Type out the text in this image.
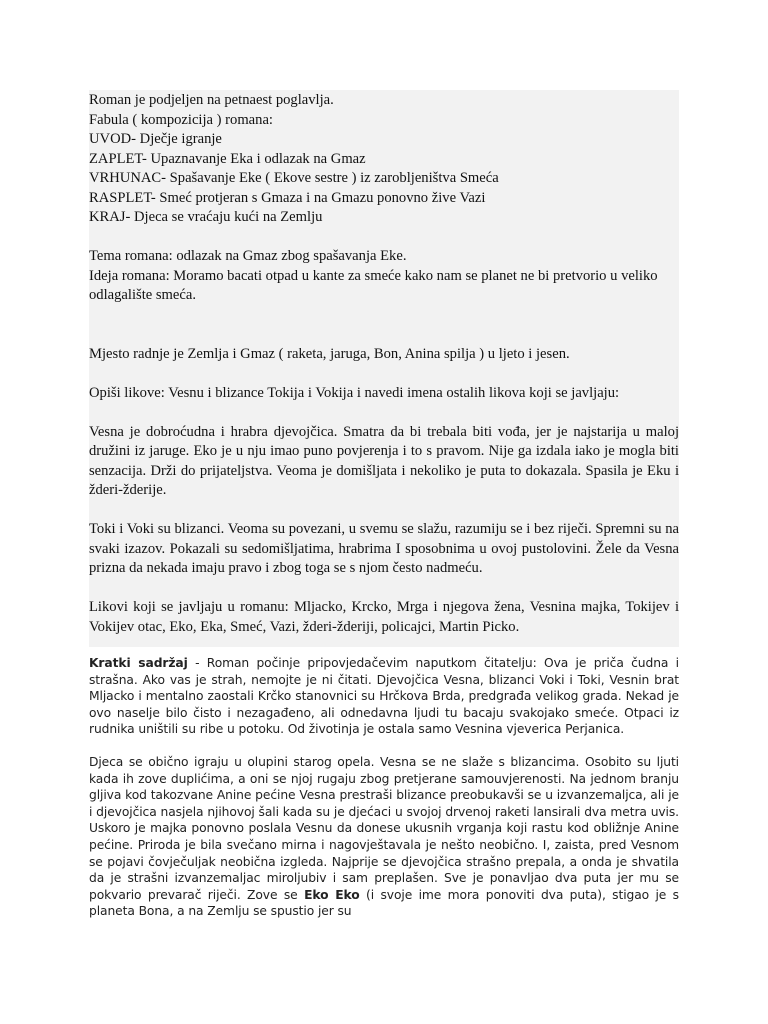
Roman je podjeljen na petnaest poglavlja.

Fabula ( kompozicija ) romana:

UVOD- Dječje igranje

ZAPLET- Upaznavanje Eka i odlazak na Gmaz

VRHUNAC- Spašavanje Eke ( Ekove sestre ) iz zarobljeništva Smeća

RASPLET- Smeć protjeran s Gmaza i na Gmazu ponovno žive Vazi

KRAJ- Djeca se vraćaju kući na Zemlju

Tema romana: odlazak na Gmaz zbog spašavanja Eke.

Ideja romana: Moramo bacati otpad u kante za smeće kako nam se planet ne bi pretvorio u veliko odlagalište smeća.

Mjesto radnje je Zemlja i Gmaz ( raketa, jaruga, Bon, Anina spilja ) u ljeto i jesen.

Opiši likove: Vesnu i blizance Tokija i Vokija i navedi imena ostalih likova koji se javljaju:

Vesna je dobroćudna i hrabra djevojčica. Smatra da bi trebala biti vođa, jer je najstarija u maloj družini iz jaruge. Eko je u nju imao puno povjerenja i to s pravom. Nije ga izdala iako je mogla biti senzacija. Drži do prijateljstva. Veoma je domišljata i nekoliko je puta to dokazala. Spasila je Eku i žderi-žderije.

Toki i Voki su blizanci. Veoma su povezani, u svemu se slažu, razumiju se i bez riječi. Spremni su na svaki izazov. Pokazali su sedomišljatima, hrabrima I sposobnima u ovoj pustolovini. Žele da Vesna prizna da nekada imaju pravo i zbog toga se s njom često nadmeću.

Likovi koji se javljaju u romanu: Mljacko, Krcko, Mrga i njegova žena, Vesnina majka, Tokijev i Vokijev otac, Eko, Eka, Smeć, Vazi, žderi-žderiji, policajci, Martin Picko.

Kratki sadržaj - Roman počinje pripovjedačevim naputkom čitatelju: Ova je priča čudna i strašna. Ako vas je strah, nemojte je ni čitati. Djevojčica Vesna, blizanci Voki i Toki, Vesnin brat Mljacko i mentalno zaostali Krčko stanovnici su Hrčkova Brda, predgrađa velikog grada. Nekad je ovo naselje bilo čisto i nezagađeno, ali odnedavna ljudi tu bacaju svakojako smeće. Otpaci iz rudnika uništili su ribe u potoku. Od životinja je ostala samo Vesnina vjeverica Perjanica.

Djeca se obično igraju u olupini starog opela. Vesna se ne slaže s blizancima. Osobito su ljuti kada ih zove duplićima, a oni se njoj rugaju zbog pretjerane samouvjerenosti. Na jednom branju gljiva kod takozvane Anine pećine Vesna prestraši blizance preobukavši se u izvanzemaljca, ali je i djevojčica nasjela njihovoj šali kada su je djećaci u svojoj drvenoj raketi lansirali dva metra uvis. Uskoro je majka ponovno poslala Vesnu da donese ukusnih vrganja koji rastu kod obližnje Anine pećine. Priroda je bila svečano mirna i nagovještavala je nešto neobično. I, zaista, pred Vesnom se pojavi čovječuljak neobična izgleda. Najprije se djevojčica strašno prepala, a onda je shvatila da je strašni izvanzemaljac miroljubiv i sam preplašen. Sve je ponavljao dva puta jer mu se pokvario prevarač riječi. Zove se Eko Eko (i svoje ime mora ponoviti dva puta), stigao je s planeta Bona, a na Zemlju se spustio jer su
